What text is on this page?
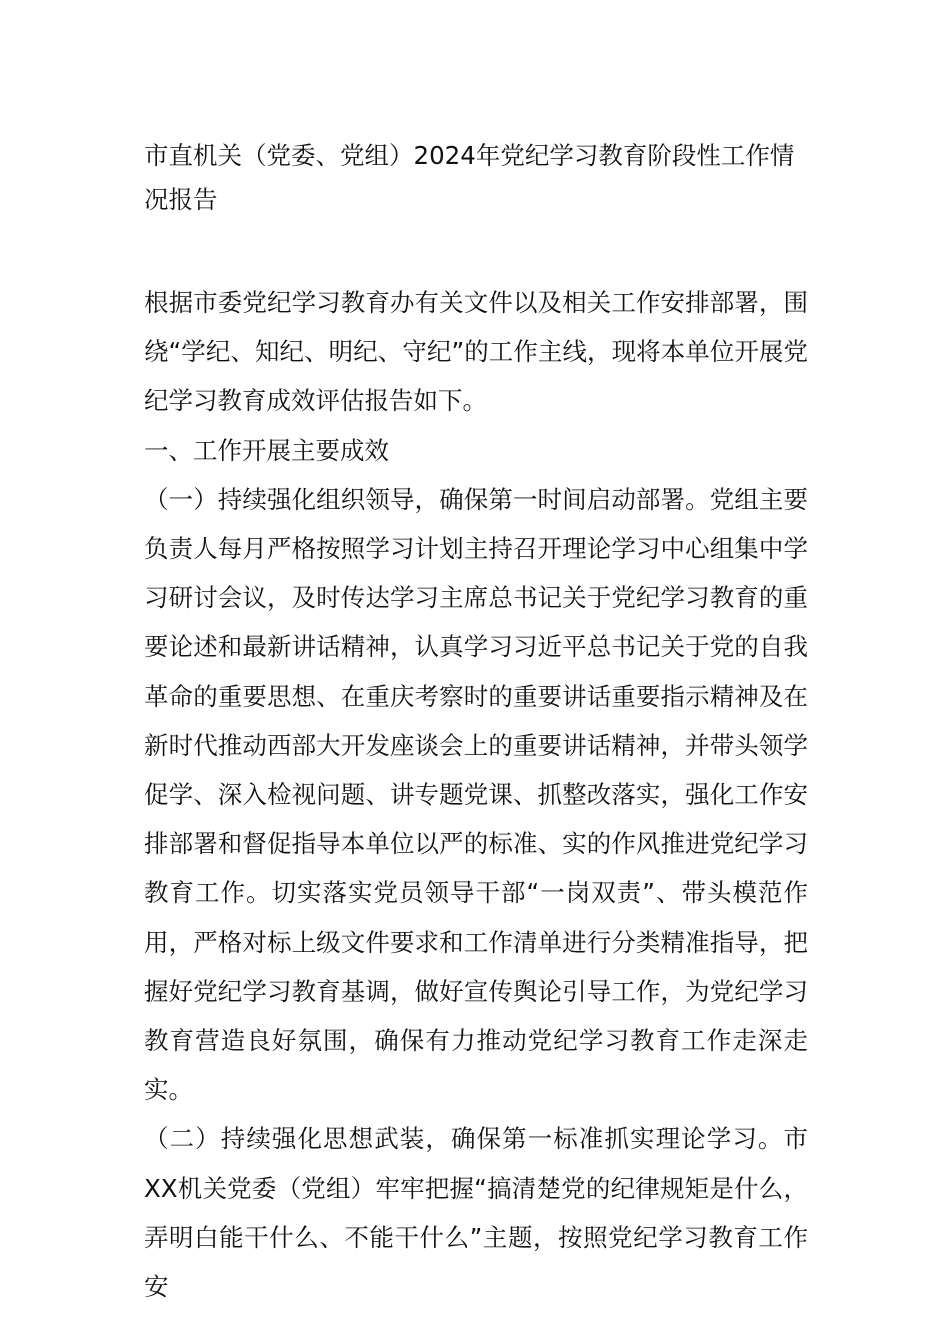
市直机关（党委、党组）2024年党纪学习教育阶段性工作情况报告

根据市委党纪学习教育办有关文件以及相关工作安排部署，围绕“学纪、知纪、明纪、守纪”的工作主线，现将本单位开展党纪学习教育成效评估报告如下。

一、工作开展主要成效

（一）持续强化组织领导，确保第一时间启动部署。党组主要负责人每月严格按照学习计划主持召开理论学习中心组集中学习研讨会议，及时传达学习主席总书记关于党纪学习教育的重要论述和最新讲话精神，认真学习习近平总书记关于党的自我革命的重要思想、在重庆考察时的重要讲话重要指示精神及在新时代推动西部大开发座谈会上的重要讲话精神，并带头领学促学、深入检视问题、讲专题党课、抓整改落实，强化工作安排部署和督促指导本单位以严的标准、实的作风推进党纪学习教育工作。切实落实党员领导干部“一岗双责”、带头模范作用，严格对标上级文件要求和工作清单进行分类精准指导，把握好党纪学习教育基调，做好宣传舆论引导工作，为党纪学习教育营造良好氛围，确保有力推动党纪学习教育工作走深走实。

（二）持续强化思想武装，确保第一标准抓实理论学习。市XX机关党委（党组）牢牢把握“搞清楚党的纪律规矩是什么，弄明白能干什么、不能干什么”主题，按照党纪学习教育工作安
